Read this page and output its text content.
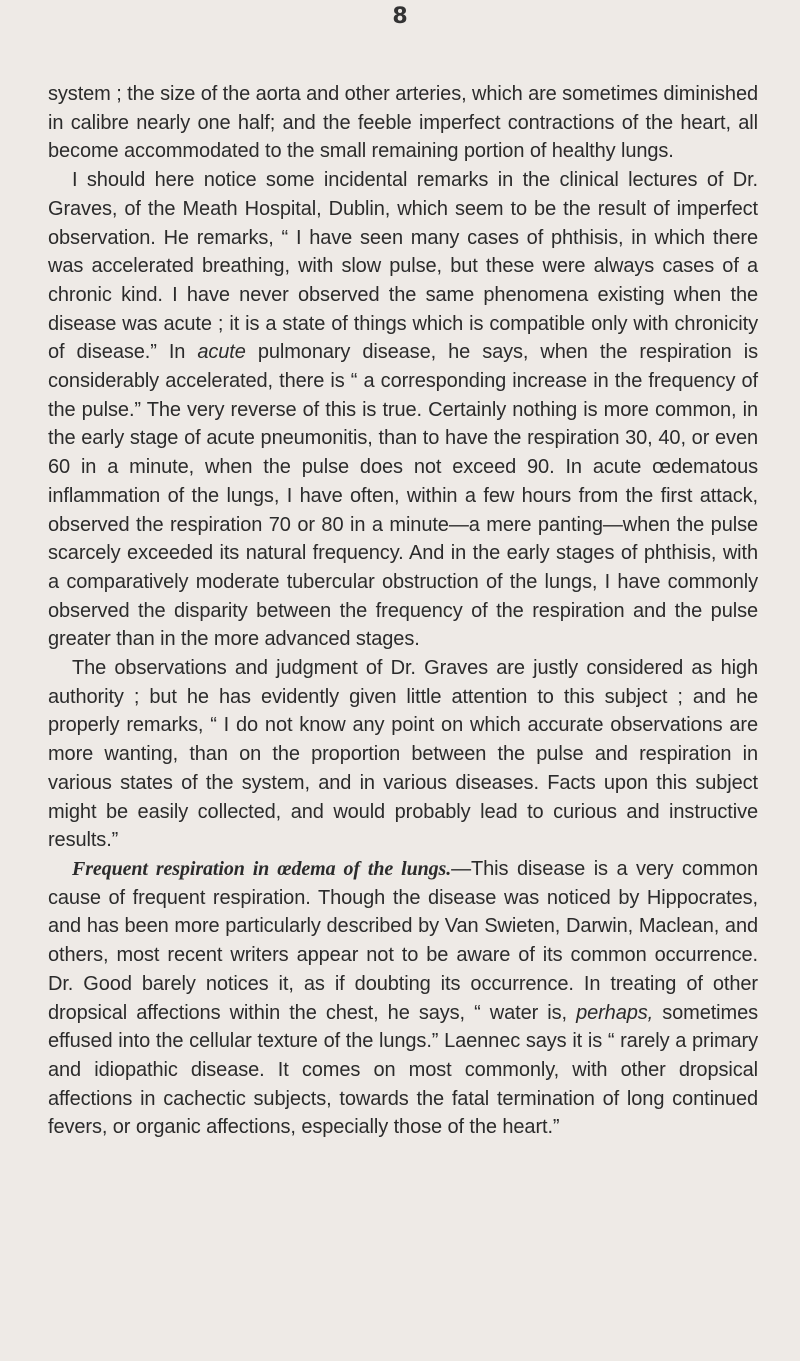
8

system ; the size of the aorta and other arteries, which are sometimes diminished in calibre nearly one half; and the feeble imperfect contractions of the heart, all become accommodated to the small remaining portion of healthy lungs.

I should here notice some incidental remarks in the clinical lectures of Dr. Graves, of the Meath Hospital, Dublin, which seem to be the result of imperfect observation. He remarks, “ I have seen many cases of phthisis, in which there was accelerated breathing, with slow pulse, but these were always cases of a chronic kind. I have never observed the same phenomena existing when the disease was acute ; it is a state of things which is compatible only with chronicity of disease.” In acute pulmonary disease, he says, when the respiration is considerably accelerated, there is “ a corresponding increase in the frequency of the pulse.” The very reverse of this is true. Certainly nothing is more common, in the early stage of acute pneumonitis, than to have the respiration 30, 40, or even 60 in a minute, when the pulse does not exceed 90. In acute œdematous inflammation of the lungs, I have often, within a few hours from the first attack, observed the respiration 70 or 80 in a minute—a mere panting—when the pulse scarcely exceeded its natural frequency. And in the early stages of phthisis, with a comparatively moderate tubercular obstruction of the lungs, I have commonly observed the disparity between the frequency of the respiration and the pulse greater than in the more advanced stages.

The observations and judgment of Dr. Graves are justly considered as high authority ; but he has evidently given little attention to this subject ; and he properly remarks, “ I do not know any point on which accurate observations are more wanting, than on the proportion between the pulse and respiration in various states of the system, and in various diseases. Facts upon this subject might be easily collected, and would probably lead to curious and instructive results.”

Frequent respiration in œdema of the lungs.—This disease is a very common cause of frequent respiration. Though the disease was noticed by Hippocrates, and has been more particularly described by Van Swieten, Darwin, Maclean, and others, most recent writers appear not to be aware of its common occurrence. Dr. Good barely notices it, as if doubting its occurrence. In treating of other dropsical affections within the chest, he says, “ water is, perhaps, sometimes effused into the cellular texture of the lungs.” Laennec says it is “ rarely a primary and idiopathic disease. It comes on most commonly, with other dropsical affections in cachectic subjects, towards the fatal termination of long continued fevers, or organic affections, especially those of the heart.”
